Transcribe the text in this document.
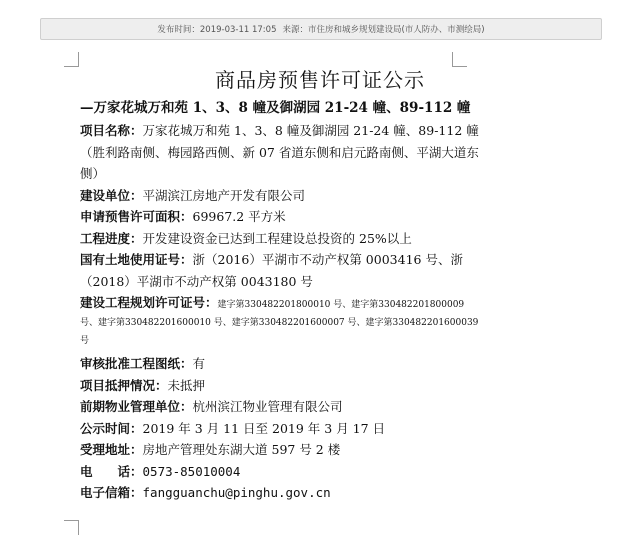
发布时间：2019-03-11 17:05 来源：市住房和城乡规划建设局(市人防办、市测绘局)
商品房预售许可证公示

—万家花城万和苑 1、3、8 幢及御湖园 21-24 幢、89-112 幢

项目名称：万家花城万和苑 1、3、8 幢及御湖园 21-24 幢、89-112 幢（胜利路南侧、梅园路西侧、新 07 省道东侧和启元路南侧、平湖大道东侧）

建设单位：平湖滨江房地产开发有限公司

申请预售许可面积：69967.2 平方米

工程进度：开发建设资金已达到工程建设总投资的 25%以上

国有土地使用证号：浙（2016）平湖市不动产权第 0003416 号、浙（2018）平湖市不动产权第 0043180 号

建设工程规划许可证号：建字第330482201800010 号、建字第330482201800009 号、建字第330482201600010 号、建字第330482201600007 号、建字第330482201600039 号

审核批准工程图纸：有

项目抵押情况：未抵押

前期物业管理单位：杭州滨江物业管理有限公司

公示时间：2019 年 3 月 11 日至 2019 年 3 月 17 日

受理地址：房地产管理处东湖大道 597 号 2 楼

电　　话：0573-85010004

电子信箱：fangguanchu@pinghu.gov.cn
